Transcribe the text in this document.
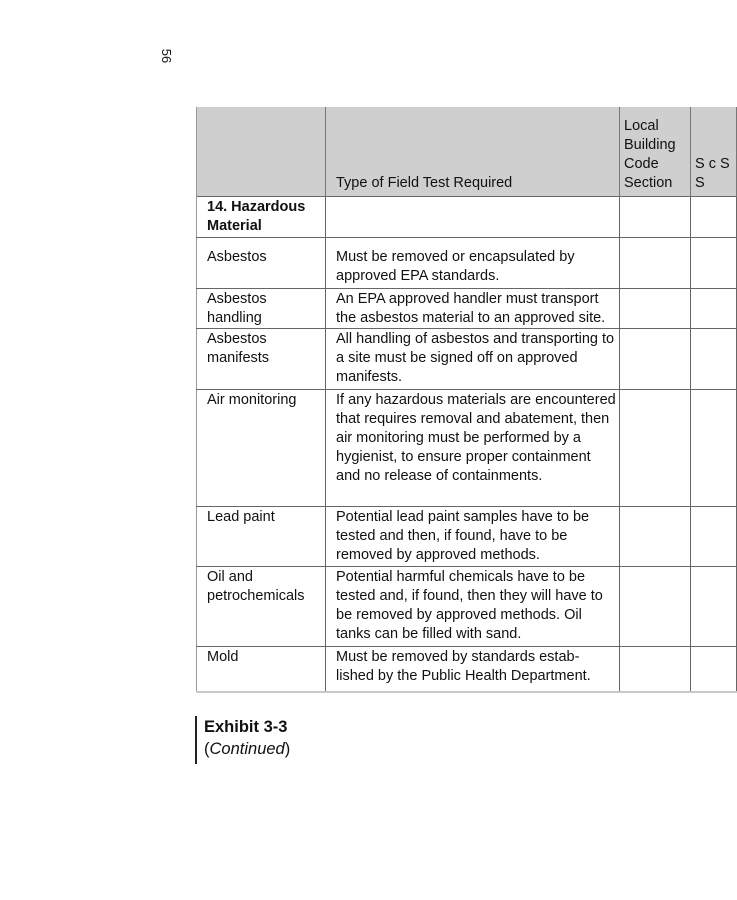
56
	Type of Field Test Required	Local Building Code Section	S c S S
14. Hazardous Material			
Asbestos	Must be removed or encapsulated by approved EPA standards.		
Asbestos handling	An EPA approved handler must transport the asbestos material to an approved site.		
Asbestos manifests	All handling of asbestos and transporting to a site must be signed off on approved manifests.		
Air monitoring	If any hazardous materials are encountered that requires removal and abatement, then air monitoring must be performed by a hygienist, to ensure proper containment and no release of containments.		
Lead paint	Potential lead paint samples have to be tested and then, if found, have to be removed by approved methods.		
Oil and petrochemicals	Potential harmful chemicals have to be tested and, if found, then they will have to be removed by approved methods. Oil tanks can be filled with sand.		
Mold	Must be removed by standards estab-lished by the Public Health Department.		
Exhibit 3-3
(Continued)
